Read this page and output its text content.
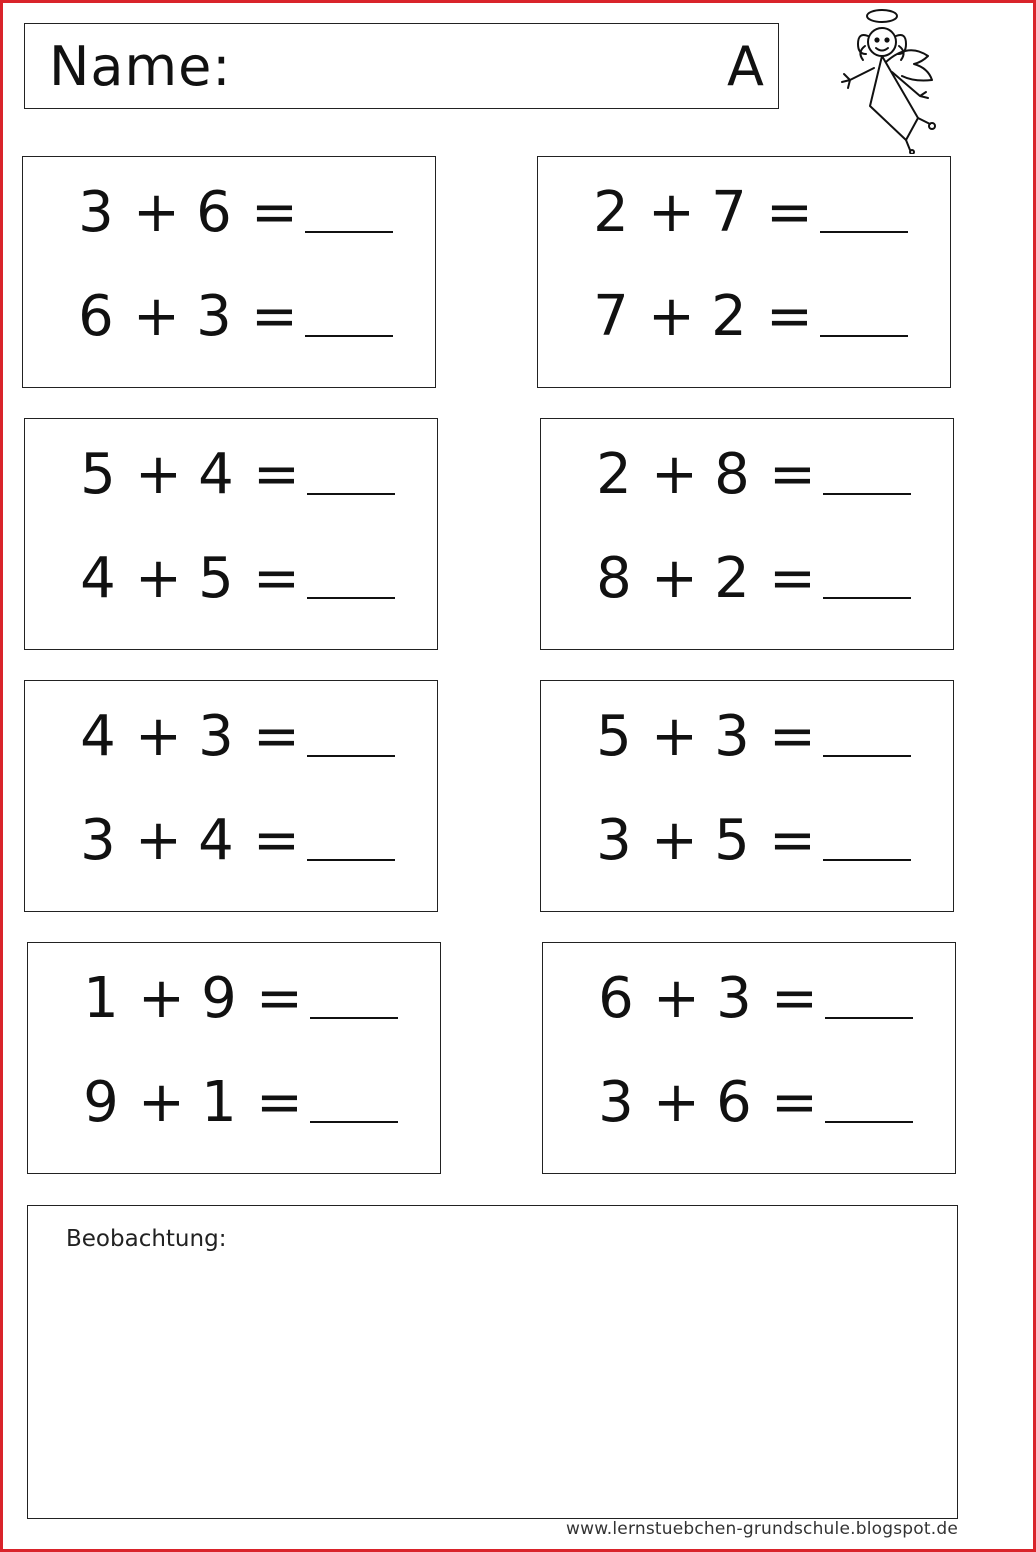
Name:	A
3 + 6 =
6 + 3 =
2 + 7 =
7 + 2 =
5 + 4 =
4 + 5 =
2 + 8 =
8 + 2 =
4 + 3 =
3 + 4 =
5 + 3 =
3 + 5 =
1 + 9 =
9 + 1 =
6 + 3 =
3 + 6 =
Beobachtung:
www.lernstuebchen-grundschule.blogspot.de
